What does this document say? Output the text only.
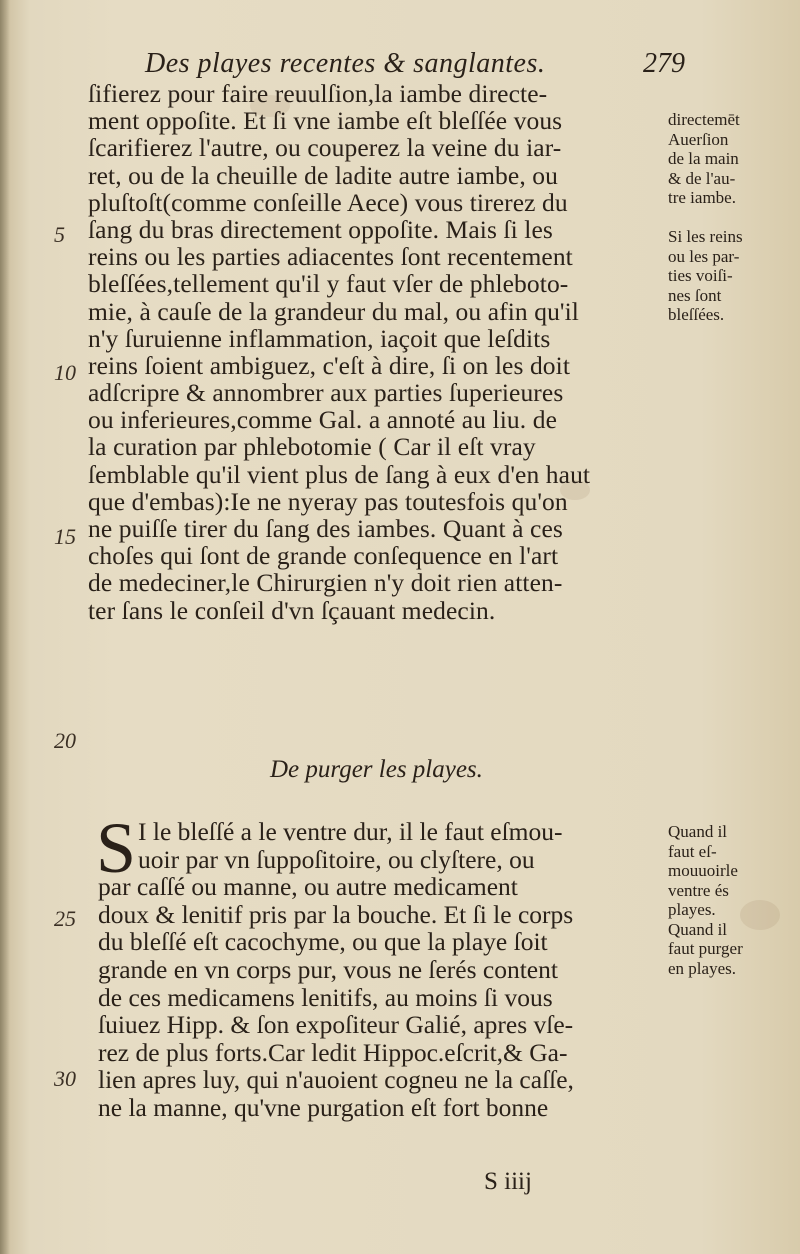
Des playes recentes & sanglantes.	279
5
10
15
20
25
30
ſifierez pour faire reuulſion,la iambe directe-
ment oppoſite. Et ſi vne iambe eſt bleſſée vous
ſcarifierez l'autre, ou couperez la veine du iar-
ret, ou de la cheuille de ladite autre iambe, ou
pluſtoſt(comme conſeille Aece) vous tirerez du
ſang du bras directement oppoſite. Mais ſi les
reins ou les parties adiacentes ſont recentement
bleſſées,tellement qu'il y faut vſer de phleboto-
mie, à cauſe de la grandeur du mal, ou afin qu'il
n'y ſuruienne inflammation, iaçoit que leſdits
reins ſoient ambiguez, c'eſt à dire, ſi on les doit
adſcripre & annombrer aux parties ſuperieures
ou inferieures,comme Gal. a annoté au liu. de
la curation par phlebotomie ( Car il eſt vray
ſemblable qu'il vient plus de ſang à eux d'en haut
que d'embas):Ie ne nyeray pas toutesfois qu'on
ne puiſſe tirer du ſang des iambes. Quant à ces
choſes qui ſont de grande conſequence en l'art
de medeciner,le Chirurgien n'y doit rien atten-
ter ſans le conſeil d'vn ſçauant medecin.
directemēt
Auerſion
de la main
& de l'au-
tre iambe.
Si les reins
ou les par-
ties voiſi-
nes ſont
bleſſées.
De purger les playes.
S I le bleſſé a le ventre dur, il le faut eſmou-
uoir par vn ſuppoſitoire, ou clyſtere, ou
par caſſé ou manne, ou autre medicament
doux & lenitif pris par la bouche. Et ſi le corps
du bleſſé eſt cacochyme, ou que la playe ſoit
grande en vn corps pur, vous ne ſerés content
de ces medicamens lenitifs, au moins ſi vous
ſuiuez Hipp. & ſon expoſiteur Galié, apres vſe-
rez de plus forts.Car ledit Hippoc.eſcrit,& Ga-
lien apres luy, qui n'auoient cogneu ne la caſſe,
ne la manne, qu'vne purgation eſt fort bonne
Quand il
faut eſ-
mouuoirle
ventre és
playes.
Quand il
faut purger
en playes.
S iiij
